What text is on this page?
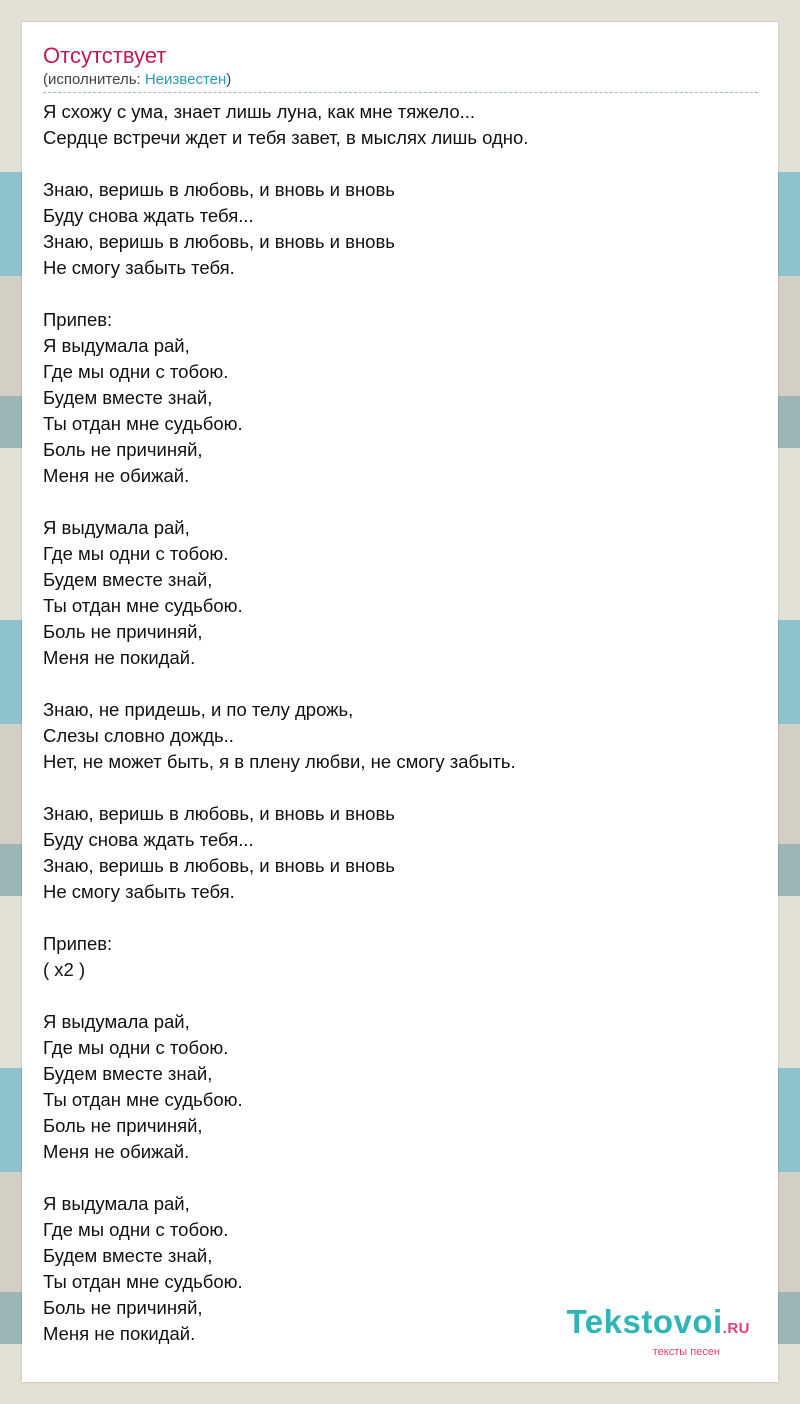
Отсутствует
(исполнитель: Неизвестен)
Я схожу с ума, знает лишь луна, как мне тяжело...
Сердце встречи ждет и тебя завет, в мыслях лишь одно.
Знаю, веришь в любовь, и вновь и вновь
Буду снова ждать тебя...
Знаю, веришь в любовь, и вновь и вновь
Не смогу забыть тебя.
Припев:
Я выдумала рай,
Где мы одни с тобою.
Будем вместе знай,
Ты отдан мне судьбою.
Боль не причиняй,
Меня не обижай.
Я выдумала рай,
Где мы одни с тобою.
Будем вместе знай,
Ты отдан мне судьбою.
Боль не причиняй,
Меня не покидай.
Знаю, не придешь, и по телу дрожь,
Слезы словно дождь..
Нет, не может быть, я в плену любви, не смогу забыть.
Знаю, веришь в любовь, и вновь и вновь
Буду снова ждать тебя...
Знаю, веришь в любовь, и вновь и вновь
Не смогу забыть тебя.
Припев:
( x2 )
Я выдумала рай,
Где мы одни с тобою.
Будем вместе знай,
Ты отдан мне судьбою.
Боль не причиняй,
Меня не обижай.
Я выдумала рай,
Где мы одни с тобою.
Будем вместе знай,
Ты отдан мне судьбою.
Боль не причиняй,
Меня не покидай.	Tekstovoi.RU
тексты песен
